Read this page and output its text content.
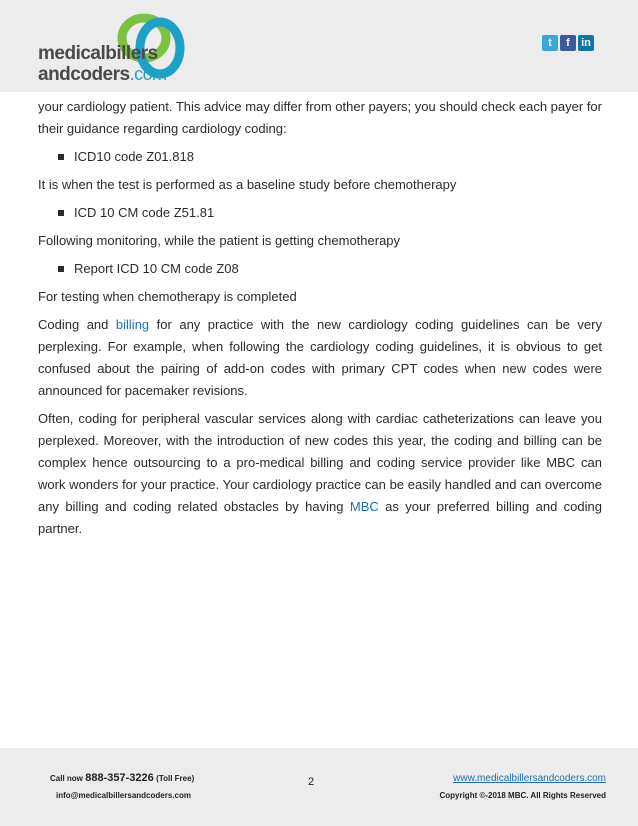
medicalbillers
andcoders.com
t	f	in

your cardiology patient. This advice may differ from other payers; you should check each payer for their guidance regarding cardiology coding:

ICD10 code Z01.818

It is when the test is performed as a baseline study before chemotherapy

ICD 10 CM code Z51.81

Following monitoring, while the patient is getting chemotherapy

Report ICD 10 CM code Z08

For testing when chemotherapy is completed

Coding and billing for any practice with the new cardiology coding guidelines can be very perplexing. For example, when following the cardiology coding guidelines, it is obvious to get confused about the pairing of add-on codes with primary CPT codes when new codes were announced for pacemaker revisions.

Often, coding for peripheral vascular services along with cardiac catheterizations can leave you perplexed. Moreover, with the introduction of new codes this year, the coding and billing can be complex hence outsourcing to a pro-medical billing and coding service provider like MBC can work wonders for your practice. Your cardiology practice can be easily handled and can overcome any billing and coding related obstacles by having MBC as your preferred billing and coding partner.

Call now 888-357-3226 (Toll Free)
info@medicalbillersandcoders.com
2	www.medicalbillersandcoders.com
Copyright ©-2018 MBC. All Rights Reserved
